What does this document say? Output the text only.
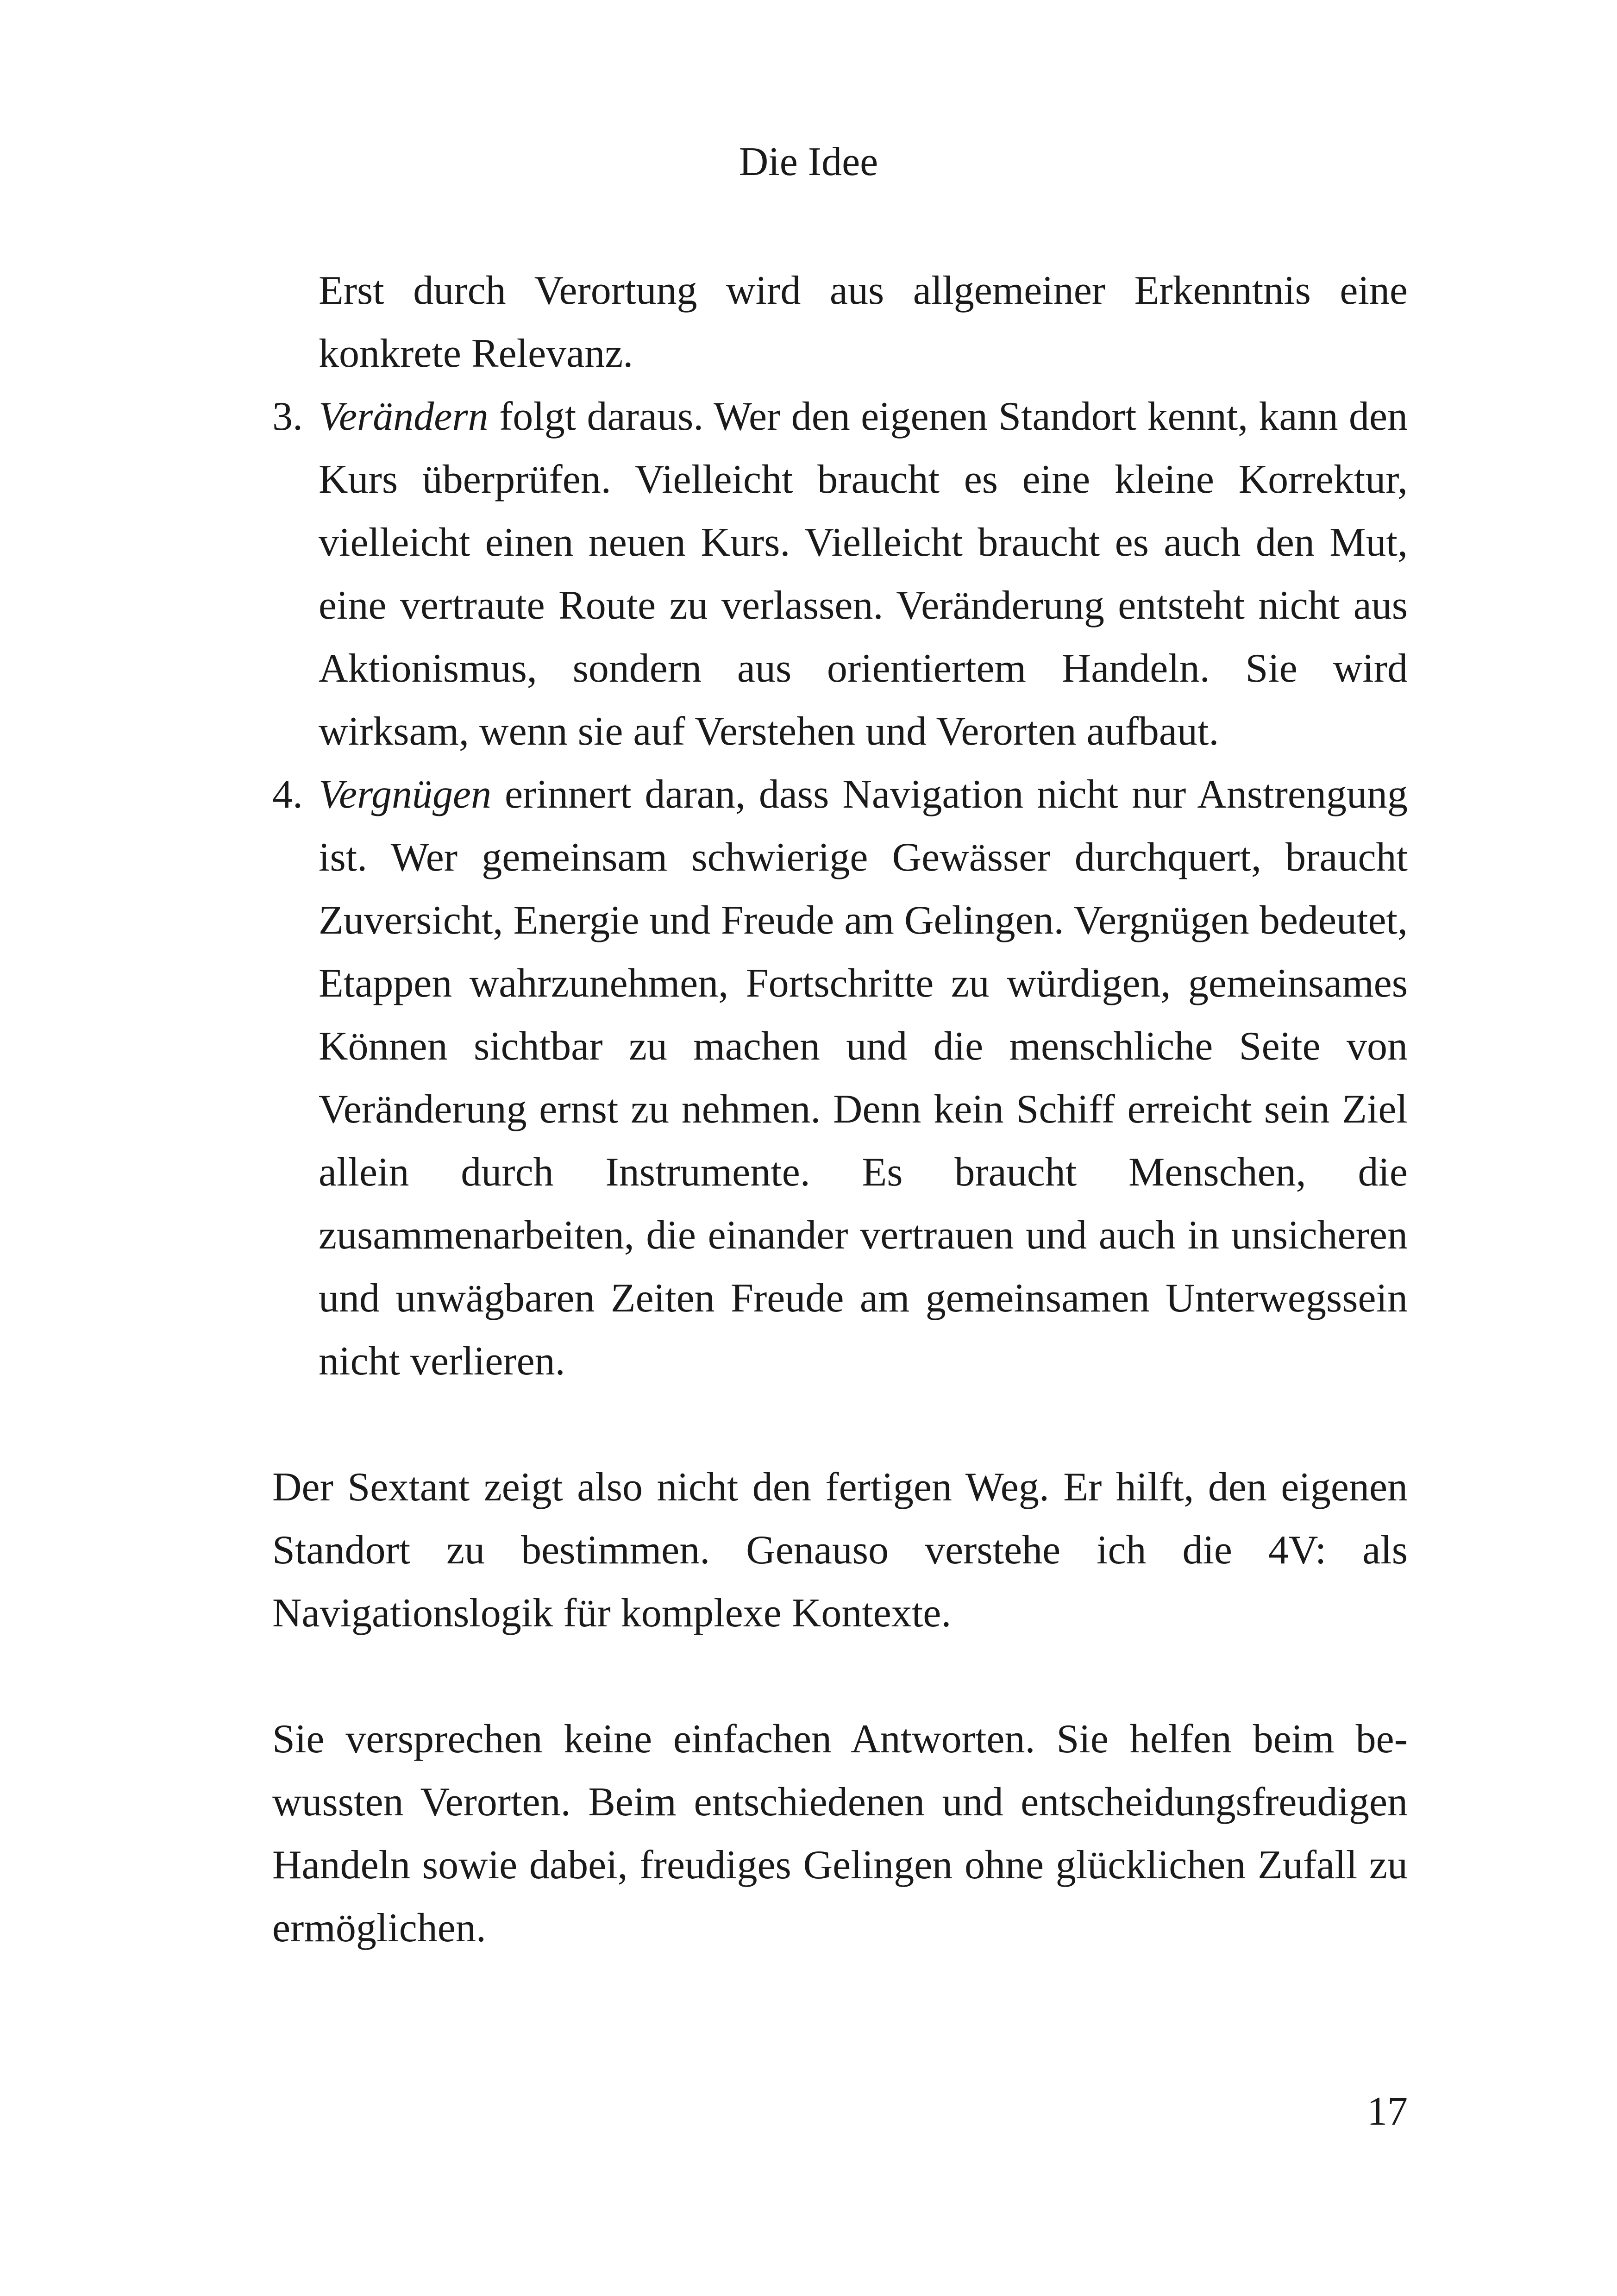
Die Idee
Erst durch Verortung wird aus allgemeiner Erkenntnis eine konkrete Relevanz.
3. Verändern folgt daraus. Wer den eigenen Standort kennt, kann den Kurs überprüfen. Vielleicht braucht es eine kleine Korrektur, vielleicht einen neuen Kurs. Vielleicht braucht es auch den Mut, eine vertraute Route zu verlassen. Veränderung entsteht nicht aus Aktionismus, sondern aus orientiertem Handeln. Sie wird wirksam, wenn sie auf Verstehen und Verorten aufbaut.
4. Vergnügen erinnert daran, dass Navigation nicht nur Anstrengung ist. Wer gemeinsam schwierige Gewässer durchquert, braucht Zuversicht, Energie und Freude am Gelingen. Vergnügen bedeutet, Etappen wahrzunehmen, Fortschritte zu würdigen, gemeinsames Können sichtbar zu machen und die menschliche Seite von Veränderung ernst zu nehmen. Denn kein Schiff erreicht sein Ziel allein durch Instrumente. Es braucht Menschen, die zusammenarbeiten, die einander vertrauen und auch in unsicheren und unwägbaren Zeiten Freude am gemeinsamen Unterwegssein nicht verlieren.

Der Sextant zeigt also nicht den fertigen Weg. Er hilft, den eigenen Standort zu bestimmen. Genauso verstehe ich die 4V: als Navigationslogik für komplexe Kontexte.

Sie versprechen keine einfachen Antworten. Sie helfen beim bewussten Verorten. Beim entschiedenen und entscheidungsfreudigen Handeln sowie dabei, freudiges Gelingen ohne glücklichen Zufall zu ermöglichen.

17
